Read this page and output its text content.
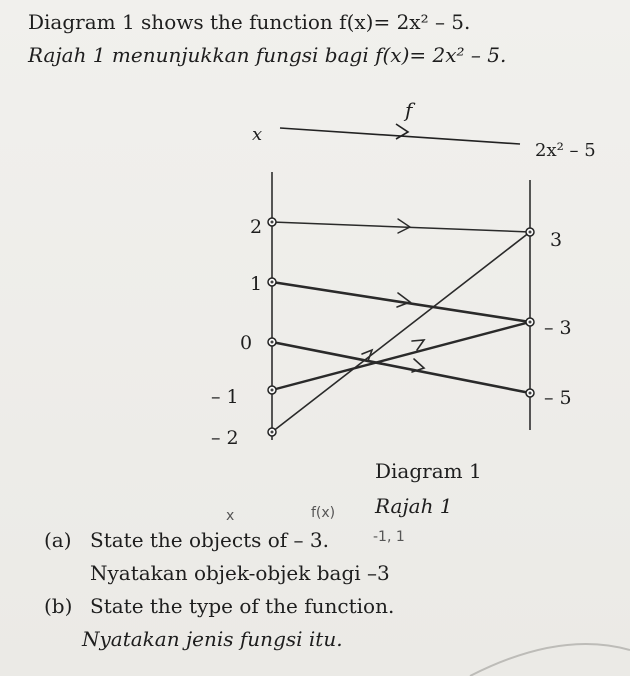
Diagram 1 shows the function f(x)= 2x² – 5.
Rajah 1 menunjukkan fungsi bagi f(x)= 2x² – 5.
x
f
2x² – 5
2
1
0
– 1
– 2
3
– 3
– 5
Diagram 1
Rajah 1
x	f(x)
-1, 1
(a) State the objects of – 3.
Nyatakan objek-objek bagi –3
(b) State the type of the function.
Nyatakan jenis fungsi itu.
